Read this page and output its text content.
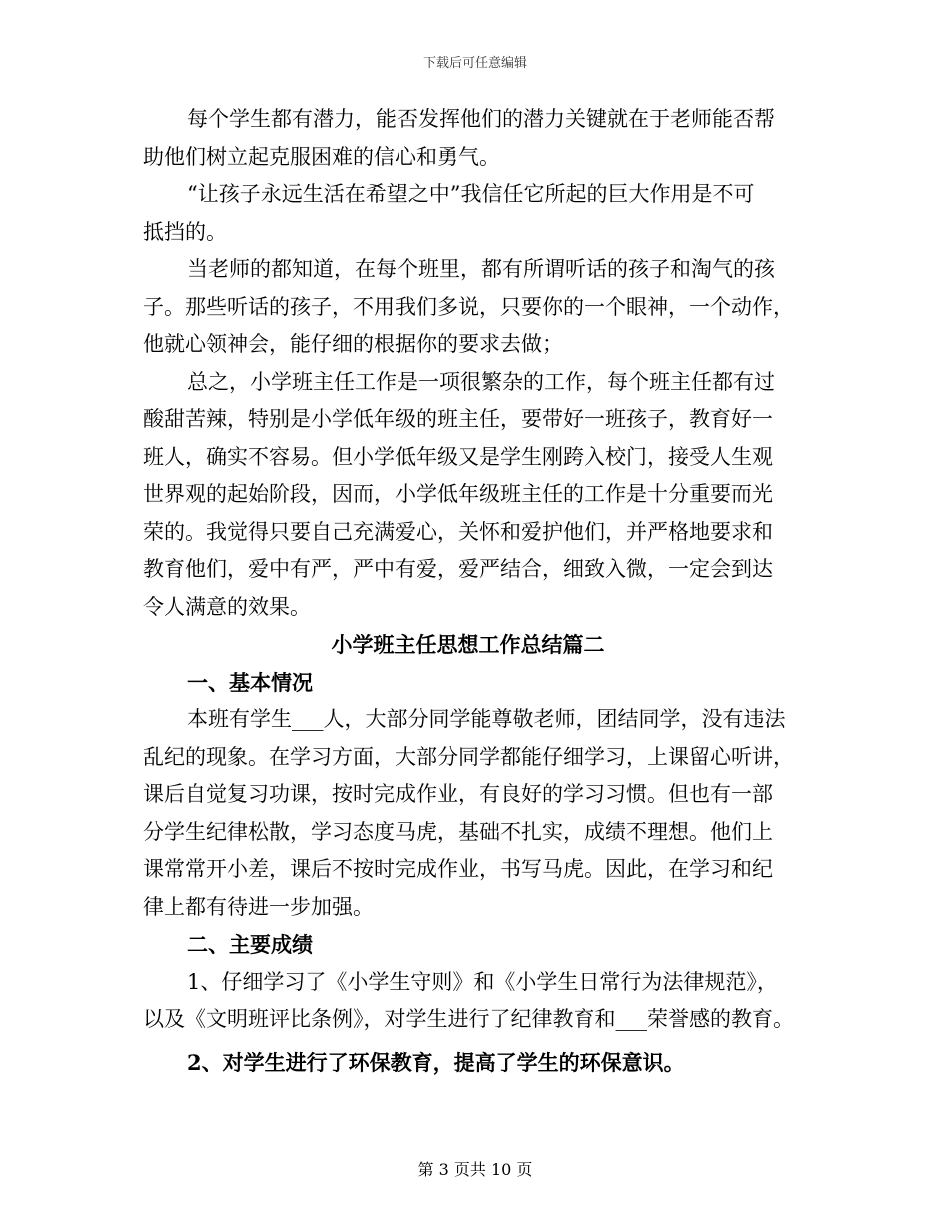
下载后可任意编辑

每个学生都有潜力，能否发挥他们的潜力关键就在于老师能否帮

助他们树立起克服困难的信心和勇气。

“让孩子永远生活在希望之中”我信任它所起的巨大作用是不可

抵挡的。

当老师的都知道，在每个班里，都有所谓听话的孩子和淘气的孩

子。那些听话的孩子，不用我们多说，只要你的一个眼神，一个动作，

他就心领神会，能仔细的根据你的要求去做；

总之，小学班主任工作是一项很繁杂的工作，每个班主任都有过

酸甜苦辣，特别是小学低年级的班主任，要带好一班孩子，教育好一

班人，确实不容易。但小学低年级又是学生刚跨入校门，接受人生观

世界观的起始阶段，因而，小学低年级班主任的工作是十分重要而光

荣的。我觉得只要自己充满爱心，关怀和爱护他们，并严格地要求和

教育他们，爱中有严，严中有爱，爱严结合，细致入微，一定会到达

令人满意的效果。

小学班主任思想工作总结篇二

一、基本情况

本班有学生___人，大部分同学能尊敬老师，团结同学，没有违法

乱纪的现象。在学习方面，大部分同学都能仔细学习，上课留心听讲，

课后自觉复习功课，按时完成作业，有良好的学习习惯。但也有一部

分学生纪律松散，学习态度马虎，基础不扎实，成绩不理想。他们上

课常常开小差，课后不按时完成作业，书写马虎。因此，在学习和纪

律上都有待进一步加强。

二、主要成绩

1、仔细学习了《小学生守则》和《小学生日常行为法律规范》，

以及《文明班评比条例》，对学生进行了纪律教育和___荣誉感的教育。

2、对学生进行了环保教育，提高了学生的环保意识。

第 3 页共 10 页
